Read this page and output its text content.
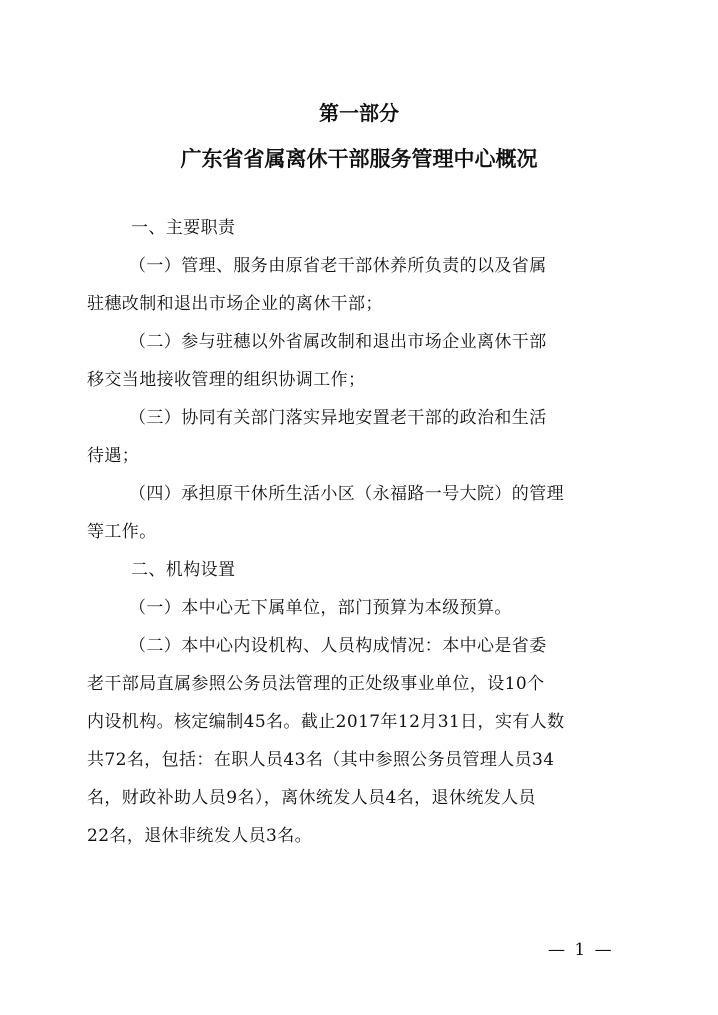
第一部分
广东省省属离休干部服务管理中心概况
一、主要职责
（一）管理、服务由原省老干部休养所负责的以及省属
驻穗改制和退出市场企业的离休干部；
（二）参与驻穗以外省属改制和退出市场企业离休干部
移交当地接收管理的组织协调工作；
（三）协同有关部门落实异地安置老干部的政治和生活
待遇；
（四）承担原干休所生活小区（永福路一号大院）的管理
等工作。
二、机构设置
（一）本中心无下属单位，部门预算为本级预算。
（二）本中心内设机构、人员构成情况：本中心是省委
老干部局直属参照公务员法管理的正处级事业单位，设10个
内设机构。核定编制45名。截止2017年12月31日，实有人数
共72名，包括：在职人员43名（其中参照公务员管理人员34
名，财政补助人员9名），离休统发人员4名，退休统发人员
22名，退休非统发人员3名。
— 1 —
